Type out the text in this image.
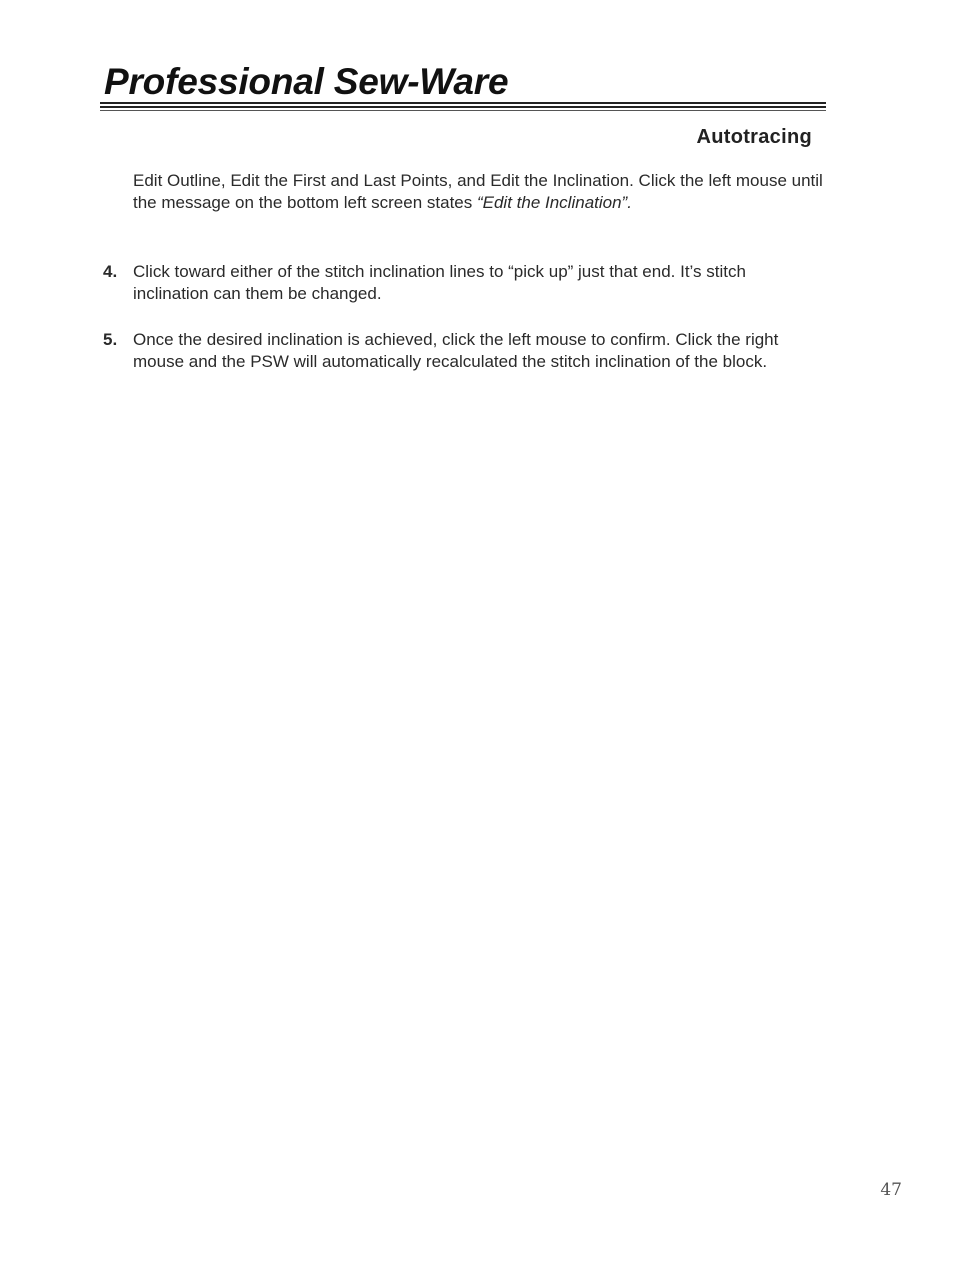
Professional Sew-Ware
Autotracing

Edit Outline, Edit the First and Last Points, and Edit the Inclination. Click the left mouse until the message on the bottom left screen states “Edit the Inclination”.

4. Click toward either of the stitch inclination lines to “pick up” just that end. It’s stitch inclination can them be changed.

5. Once the desired inclination is achieved, click the left mouse to confirm. Click the right mouse and the PSW will automatically recalculated the stitch inclination of the block.

47
